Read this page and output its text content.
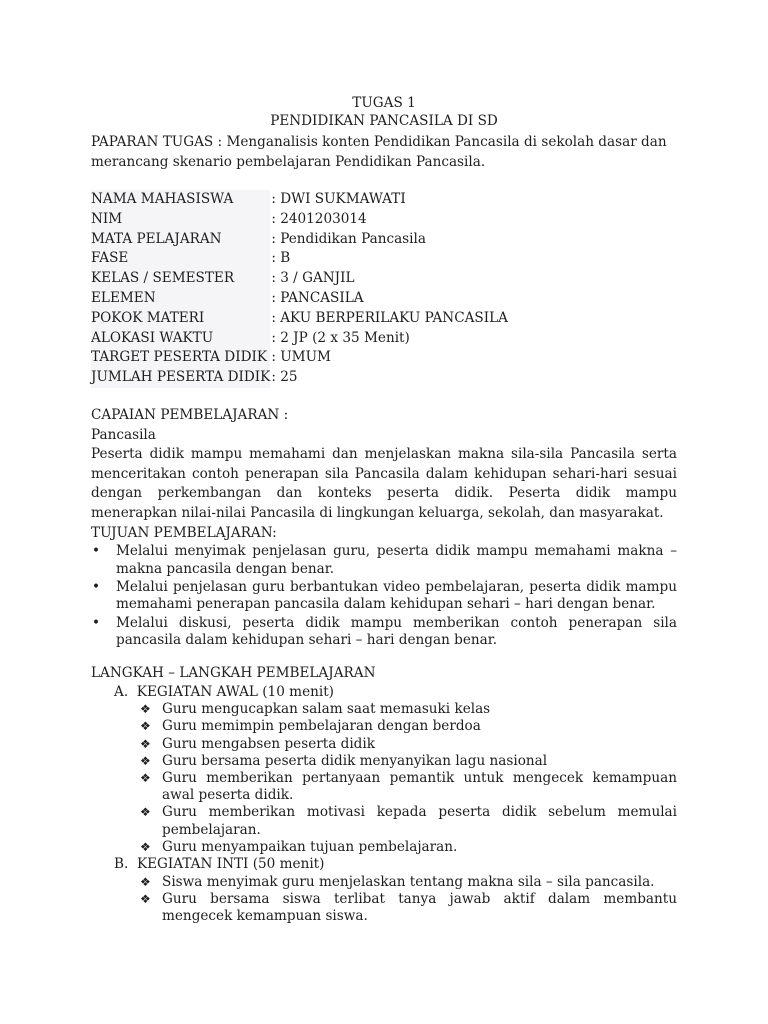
TUGAS 1
PENDIDIKAN PANCASILA DI SD
PAPARAN TUGAS : Menganalisis konten Pendidikan Pancasila di sekolah dasar dan merancang skenario pembelajaran Pendidikan Pancasila.
NAMA MAHASISWA	: DWI SUKMAWATI
NIM	: 2401203014
MATA PELAJARAN	: Pendidikan Pancasila
FASE	: B
KELAS / SEMESTER	: 3 / GANJIL
ELEMEN	: PANCASILA
POKOK MATERI	: AKU BERPERILAKU PANCASILA
ALOKASI WAKTU	: 2 JP (2 x 35 Menit)
TARGET PESERTA DIDIK	: UMUM
JUMLAH PESERTA DIDIK	: 25
CAPAIAN PEMBELAJARAN :
Pancasila
Peserta didik mampu memahami dan menjelaskan makna sila-sila Pancasila serta menceritakan contoh penerapan sila Pancasila dalam kehidupan sehari-hari sesuai dengan perkembangan dan konteks peserta didik. Peserta didik mampu menerapkan nilai-nilai Pancasila di lingkungan keluarga, sekolah, dan masyarakat.
TUJUAN PEMBELAJARAN:
• Melalui menyimak penjelasan guru, peserta didik mampu memahami makna – makna pancasila dengan benar.
• Melalui penjelasan guru berbantukan video pembelajaran, peserta didik mampu memahami penerapan pancasila dalam kehidupan sehari – hari dengan benar.
• Melalui diskusi, peserta didik mampu memberikan contoh penerapan sila pancasila dalam kehidupan sehari – hari dengan benar.
LANGKAH – LANGKAH PEMBELAJARAN
A. KEGIATAN AWAL (10 menit)
❖ Guru mengucapkan salam saat memasuki kelas
❖ Guru memimpin pembelajaran dengan berdoa
❖ Guru mengabsen peserta didik
❖ Guru bersama peserta didik menyanyikan lagu nasional
❖ Guru memberikan pertanyaan pemantik untuk mengecek kemampuan awal peserta didik.
❖ Guru memberikan motivasi kepada peserta didik sebelum memulai pembelajaran.
❖ Guru menyampaikan tujuan pembelajaran.
B. KEGIATAN INTI (50 menit)
❖ Siswa menyimak guru menjelaskan tentang makna sila – sila pancasila.
❖ Guru bersama siswa terlibat tanya jawab aktif dalam membantu mengecek kemampuan siswa.
